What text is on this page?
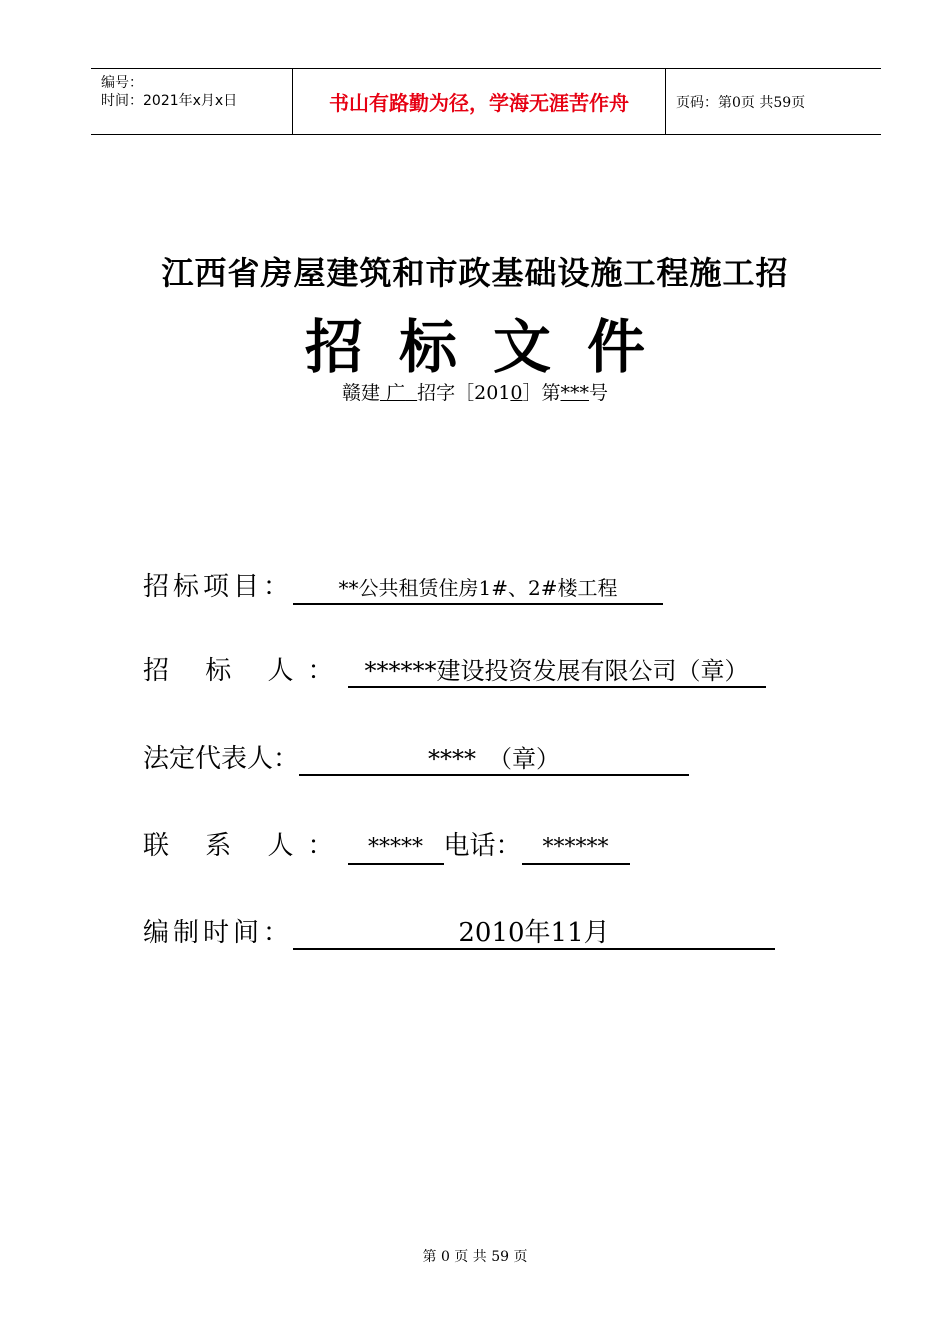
编号：
时间：2021年x月x日	书山有路勤为径，学海无涯苦作舟	页码：第0页 共59页
江西省房屋建筑和市政基础设施工程施工招
招标文件
赣建 广 招字［2010］第***号
招标项目： **公共租赁住房1#、2#楼工程
招 标 人： ******建设投资发展有限公司（章）
法定代表人：	****　（章）
联 系 人： ***** 电话： ******
编制时间：	2010年11月
第 0 页 共 59 页
